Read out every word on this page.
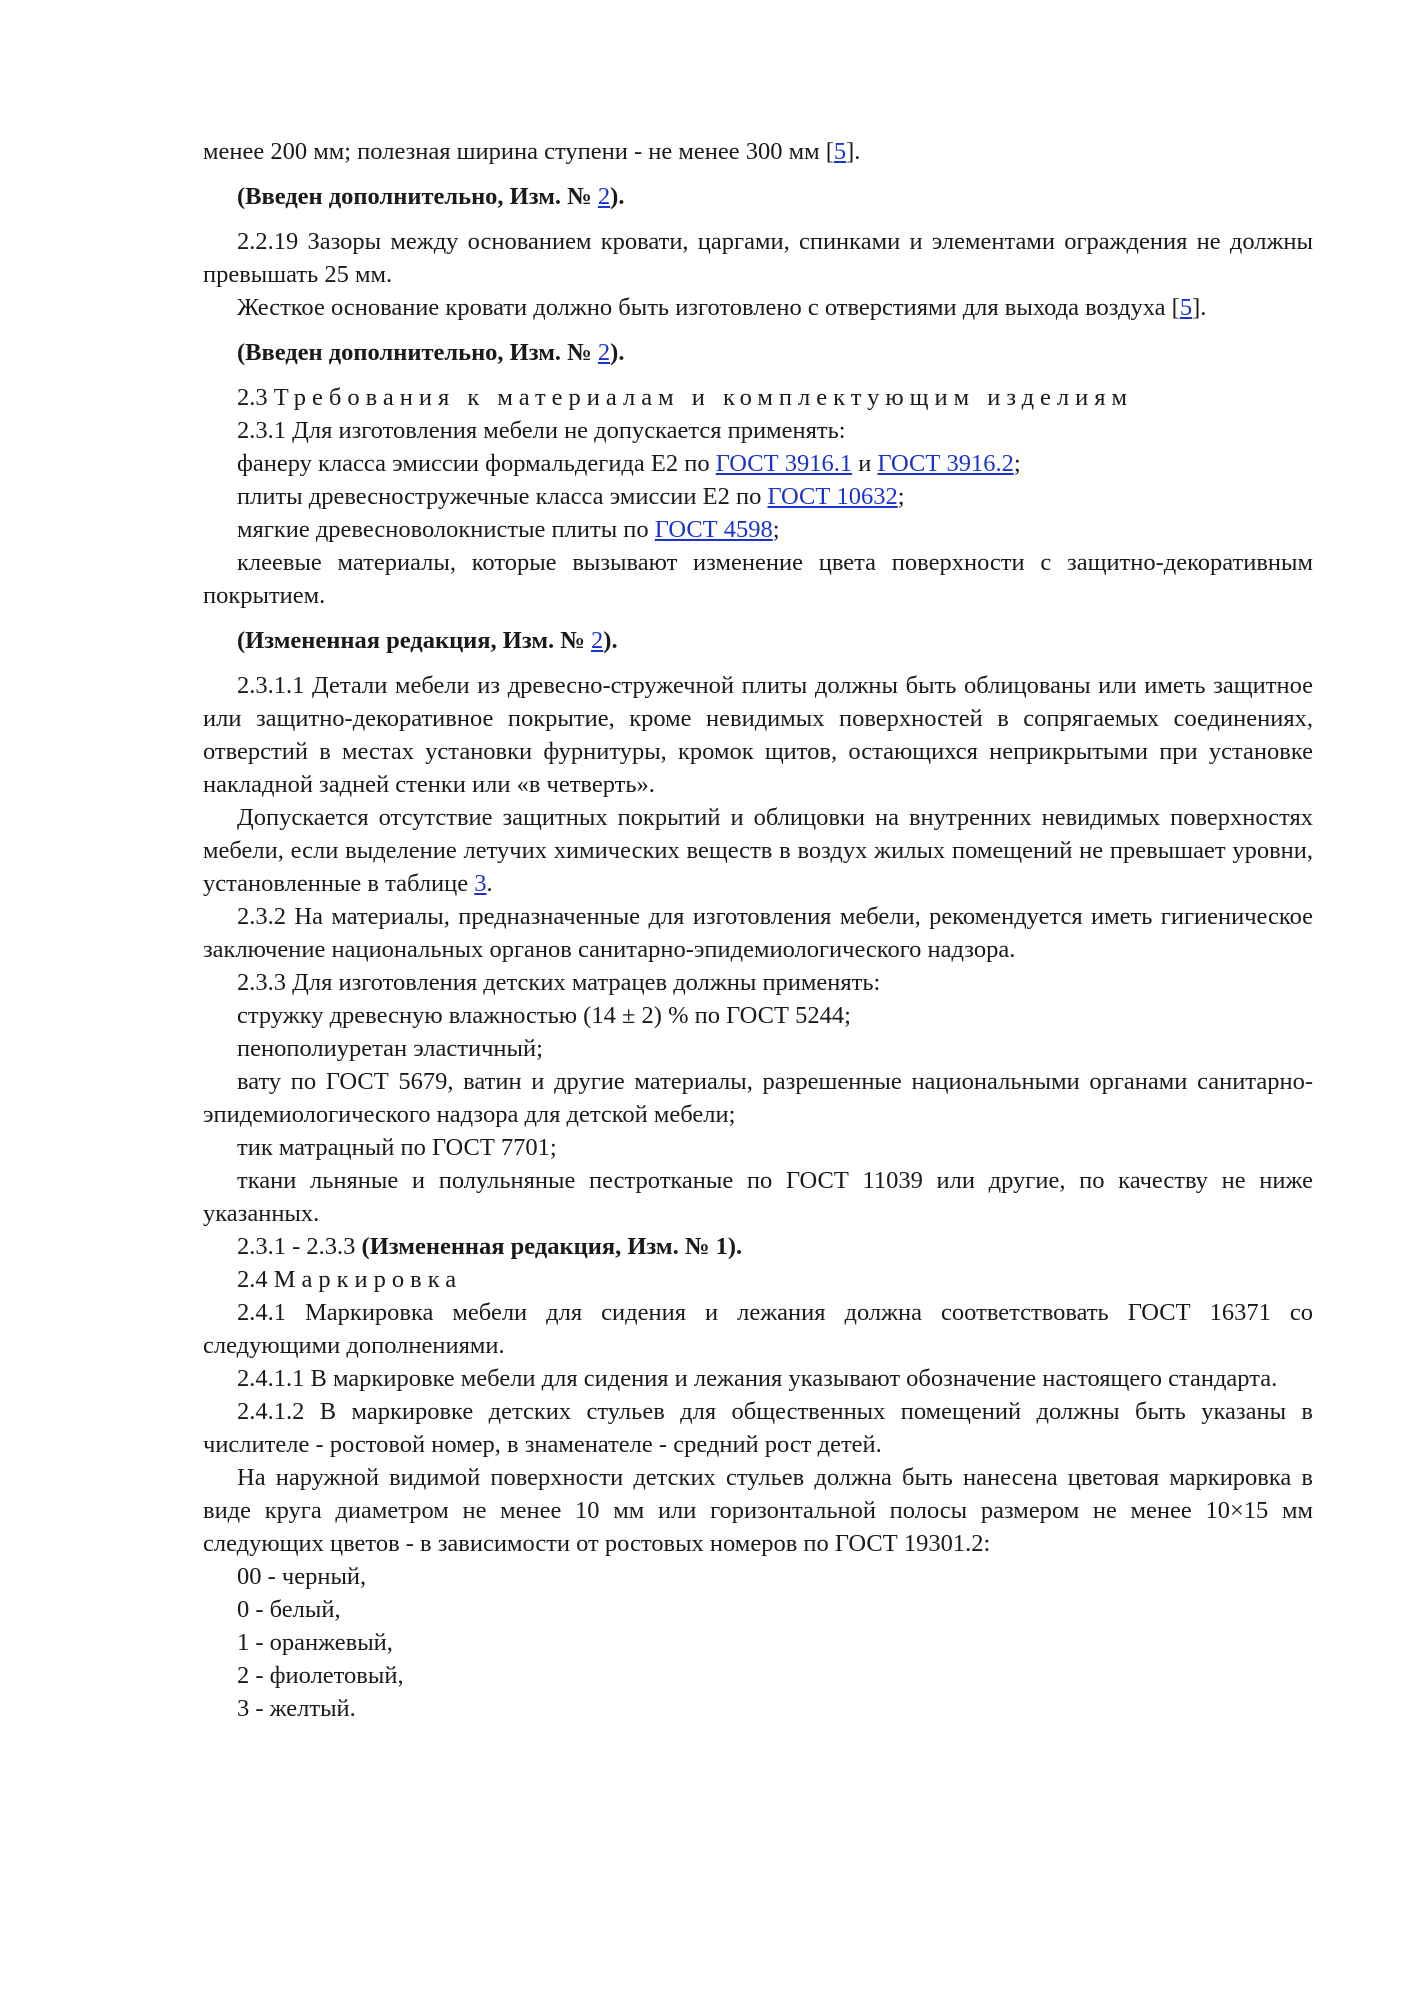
менее 200 мм; полезная ширина ступени - не менее 300 мм [5].

(Введен дополнительно, Изм. № 2).

2.2.19 Зазоры между основанием кровати, царгами, спинками и элементами ограждения не должны превышать 25 мм.

Жесткое основание кровати должно быть изготовлено с отверстиями для выхода воздуха [5].

(Введен дополнительно, Изм. № 2).

2.3 Требования к материалам и комплектующим изделиям

2.3.1 Для изготовления мебели не допускается применять:

фанеру класса эмиссии формальдегида Е2 по ГОСТ 3916.1 и ГОСТ 3916.2;

плиты древесностружечные класса эмиссии Е2 по ГОСТ 10632;

мягкие древесноволокнистые плиты по ГОСТ 4598;

клеевые материалы, которые вызывают изменение цвета поверхности с защитно-декоративным покрытием.

(Измененная редакция, Изм. № 2).

2.3.1.1 Детали мебели из древесно-стружечной плиты должны быть облицованы или иметь защитное или защитно-декоративное покрытие, кроме невидимых поверхностей в сопрягаемых соединениях, отверстий в местах установки фурнитуры, кромок щитов, остающихся неприкрытыми при установке накладной задней стенки или «в четверть».

Допускается отсутствие защитных покрытий и облицовки на внутренних невидимых поверхностях мебели, если выделение летучих химических веществ в воздух жилых помещений не превышает уровни, установленные в таблице 3.

2.3.2 На материалы, предназначенные для изготовления мебели, рекомендуется иметь гигиеническое заключение национальных органов санитарно-эпидемиологического надзора.

2.3.3 Для изготовления детских матрацев должны применять:

стружку древесную влажностью (14 ± 2) % по ГОСТ 5244;

пенополиуретан эластичный;

вату по ГОСТ 5679, ватин и другие материалы, разрешенные национальными органами санитарно-эпидемиологического надзора для детской мебели;

тик матрацный по ГОСТ 7701;

ткани льняные и полульняные пестротканые по ГОСТ 11039 или другие, по качеству не ниже указанных.

2.3.1 - 2.3.3 (Измененная редакция, Изм. № 1).

2.4 Маркировка

2.4.1 Маркировка мебели для сидения и лежания должна соответствовать ГОСТ 16371 со следующими дополнениями.

2.4.1.1 В маркировке мебели для сидения и лежания указывают обозначение настоящего стандарта.

2.4.1.2 В маркировке детских стульев для общественных помещений должны быть указаны в числителе - ростовой номер, в знаменателе - средний рост детей.

На наружной видимой поверхности детских стульев должна быть нанесена цветовая маркировка в виде круга диаметром не менее 10 мм или горизонтальной полосы размером не менее 10×15 мм следующих цветов - в зависимости от ростовых номеров по ГОСТ 19301.2:

00 - черный,

0 - белый,

1 - оранжевый,

2 - фиолетовый,

3 - желтый.
